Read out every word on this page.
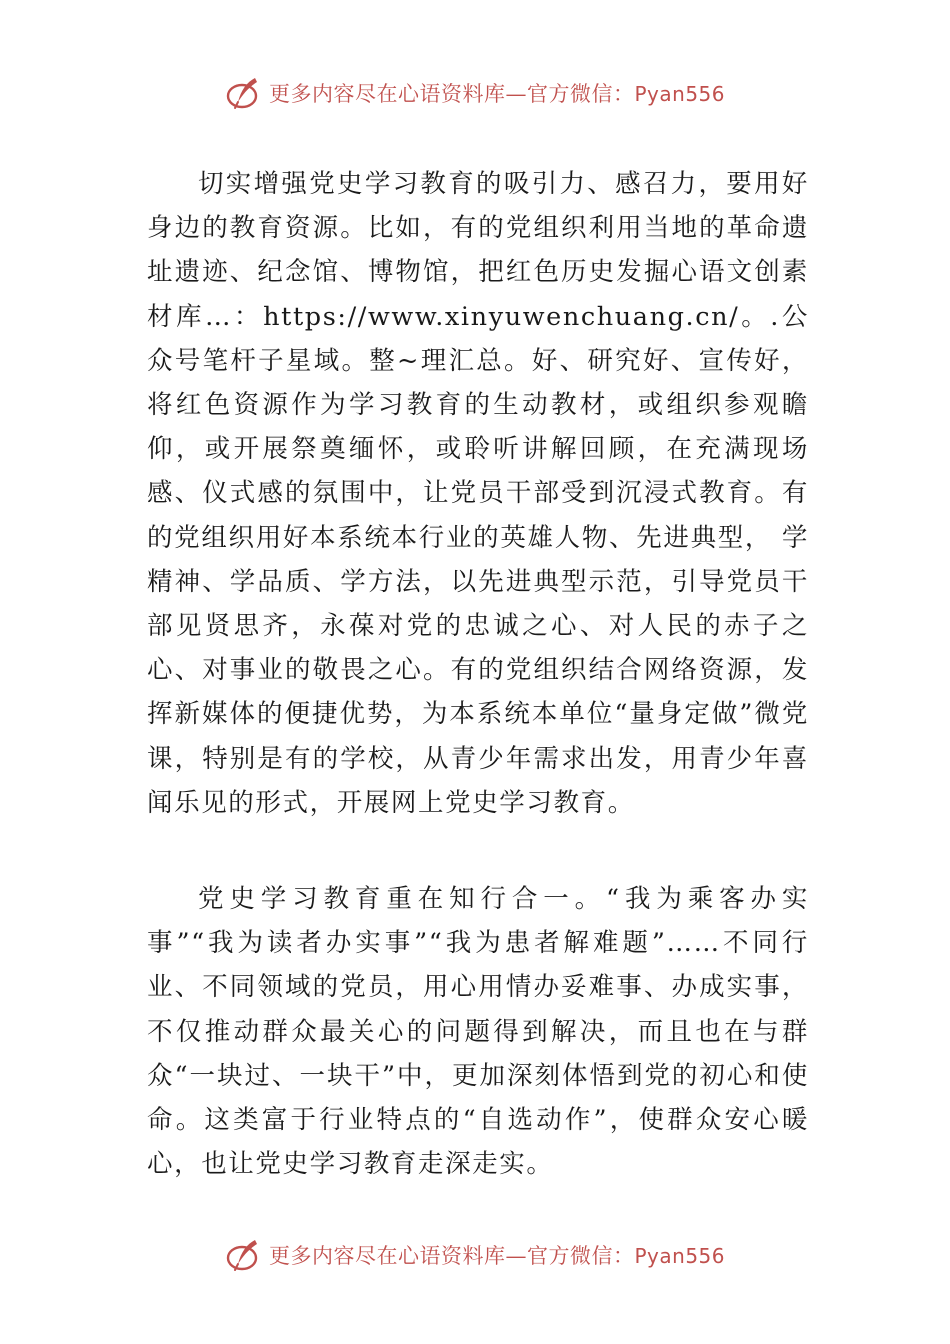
更多内容尽在心语资料库—官方微信：Pyan556

切实增强党史学习教育的吸引力、感召力，要用好身边的教育资源。比如，有的党组织利用当地的革命遗址遗迹、纪念馆、博物馆，把红色历史发掘心语文创素材库…：https://www.xinyuwenchuang.cn/。.公众号笔杆子星域。整~理汇总。好、研究好、宣传好，将红色资源作为学习教育的生动教材，或组织参观瞻仰，或开展祭奠缅怀，或聆听讲解回顾，在充满现场感、仪式感的氛围中，让党员干部受到沉浸式教育。有的党组织用好本系统本行业的英雄人物、先进典型， 学精神、学品质、学方法，以先进典型示范，引导党员干部见贤思齐，永葆对党的忠诚之心、对人民的赤子之心、对事业的敬畏之心。有的党组织结合网络资源，发挥新媒体的便捷优势，为本系统本单位“量身定做”微党课，特别是有的学校，从青少年需求出发，用青少年喜闻乐见的形式，开展网上党史学习教育。

党史学习教育重在知行合一。“我为乘客办实事”“我为读者办实事”“我为患者解难题”……不同行业、不同领域的党员，用心用情办妥难事、办成实事，不仅推动群众最关心的问题得到解决，而且也在与群众“一块过、一块干”中，更加深刻体悟到党的初心和使命。这类富于行业特点的“自选动作”，使群众安心暖心，也让党史学习教育走深走实。

更多内容尽在心语资料库—官方微信：Pyan556
